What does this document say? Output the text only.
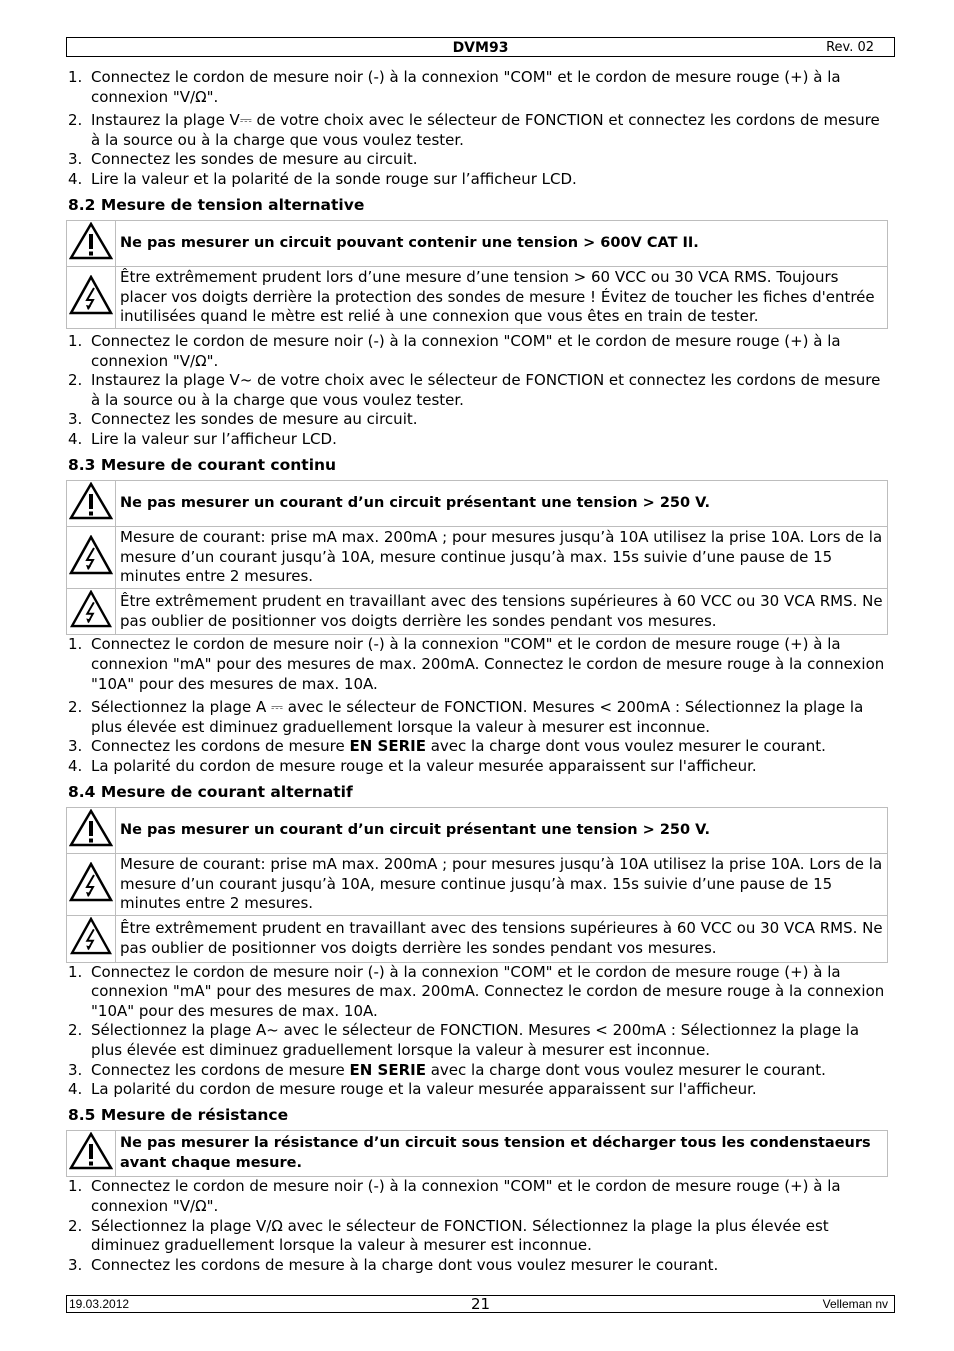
DVM93	Rev. 02
1. Connectez le cordon de mesure noir (-) à la connexion "COM" et le cordon de mesure rouge (+) à la connexion "V/Ω".
2. Instaurez la plage V⎓ de votre choix avec le sélecteur de FONCTION et connectez les cordons de mesure à la source ou à la charge que vous voulez tester.
3. Connectez les sondes de mesure au circuit.
4. Lire la valeur et la polarité de la sonde rouge sur l’afficheur LCD.
8.2 Mesure de tension alternative
	Ne pas mesurer un circuit pouvant contenir une tension > 600V CAT II.
	Être extrêmement prudent lors d’une mesure d’une tension > 60 VCC ou 30 VCA RMS. Toujours placer vos doigts derrière la protection des sondes de mesure ! Évitez de toucher les fiches d'entrée inutilisées quand le mètre est relié à une connexion que vous êtes en train de tester.
1. Connectez le cordon de mesure noir (-) à la connexion "COM" et le cordon de mesure rouge (+) à la connexion "V/Ω".
2. Instaurez la plage V~ de votre choix avec le sélecteur de FONCTION et connectez les cordons de mesure à la source ou à la charge que vous voulez tester.
3. Connectez les sondes de mesure au circuit.
4. Lire la valeur sur l’afficheur LCD.
8.3 Mesure de courant continu
	Ne pas mesurer un courant d’un circuit présentant une tension > 250 V.
	Mesure de courant: prise mA max. 200mA ; pour mesures jusqu’à 10A utilisez la prise 10A. Lors de la mesure d’un courant jusqu’à 10A, mesure continue jusqu’à max. 15s suivie d’une pause de 15 minutes entre 2 mesures.
	Être extrêmement prudent en travaillant avec des tensions supérieures à 60 VCC ou 30 VCA RMS. Ne pas oublier de positionner vos doigts derrière les sondes pendant vos mesures.
1. Connectez le cordon de mesure noir (-) à la connexion "COM" et le cordon de mesure rouge (+) à la connexion "mA" pour des mesures de max. 200mA. Connectez le cordon de mesure rouge à la connexion "10A" pour des mesures de max. 10A.
2. Sélectionnez la plage A ⎓ avec le sélecteur de FONCTION. Mesures < 200mA : Sélectionnez la plage la plus élevée est diminuez graduellement lorsque la valeur à mesurer est inconnue.
3. Connectez les cordons de mesure EN SERIE avec la charge dont vous voulez mesurer le courant.
4. La polarité du cordon de mesure rouge et la valeur mesurée apparaissent sur l'afficheur.
8.4 Mesure de courant alternatif
	Ne pas mesurer un courant d’un circuit présentant une tension > 250 V.
	Mesure de courant: prise mA max. 200mA ; pour mesures jusqu’à 10A utilisez la prise 10A. Lors de la mesure d’un courant jusqu’à 10A, mesure continue jusqu’à max. 15s suivie d’une pause de 15 minutes entre 2 mesures.
	Être extrêmement prudent en travaillant avec des tensions supérieures à 60 VCC ou 30 VCA RMS. Ne pas oublier de positionner vos doigts derrière les sondes pendant vos mesures.
1. Connectez le cordon de mesure noir (-) à la connexion "COM" et le cordon de mesure rouge (+) à la connexion "mA" pour des mesures de max. 200mA. Connectez le cordon de mesure rouge à la connexion "10A" pour des mesures de max. 10A.
2. Sélectionnez la plage A~ avec le sélecteur de FONCTION. Mesures < 200mA : Sélectionnez la plage la plus élevée est diminuez graduellement lorsque la valeur à mesurer est inconnue.
3. Connectez les cordons de mesure EN SERIE avec la charge dont vous voulez mesurer le courant.
4. La polarité du cordon de mesure rouge et la valeur mesurée apparaissent sur l'afficheur.
8.5 Mesure de résistance
	Ne pas mesurer la résistance d’un circuit sous tension et décharger tous les condenstaeurs avant chaque mesure.
1. Connectez le cordon de mesure noir (-) à la connexion "COM" et le cordon de mesure rouge (+) à la connexion "V/Ω".
2. Sélectionnez la plage V/Ω avec le sélecteur de FONCTION. Sélectionnez la plage la plus élevée est diminuez graduellement lorsque la valeur à mesurer est inconnue.
3. Connectez les cordons de mesure à la charge dont vous voulez mesurer le courant.
19.03.2012	21	Velleman nv
